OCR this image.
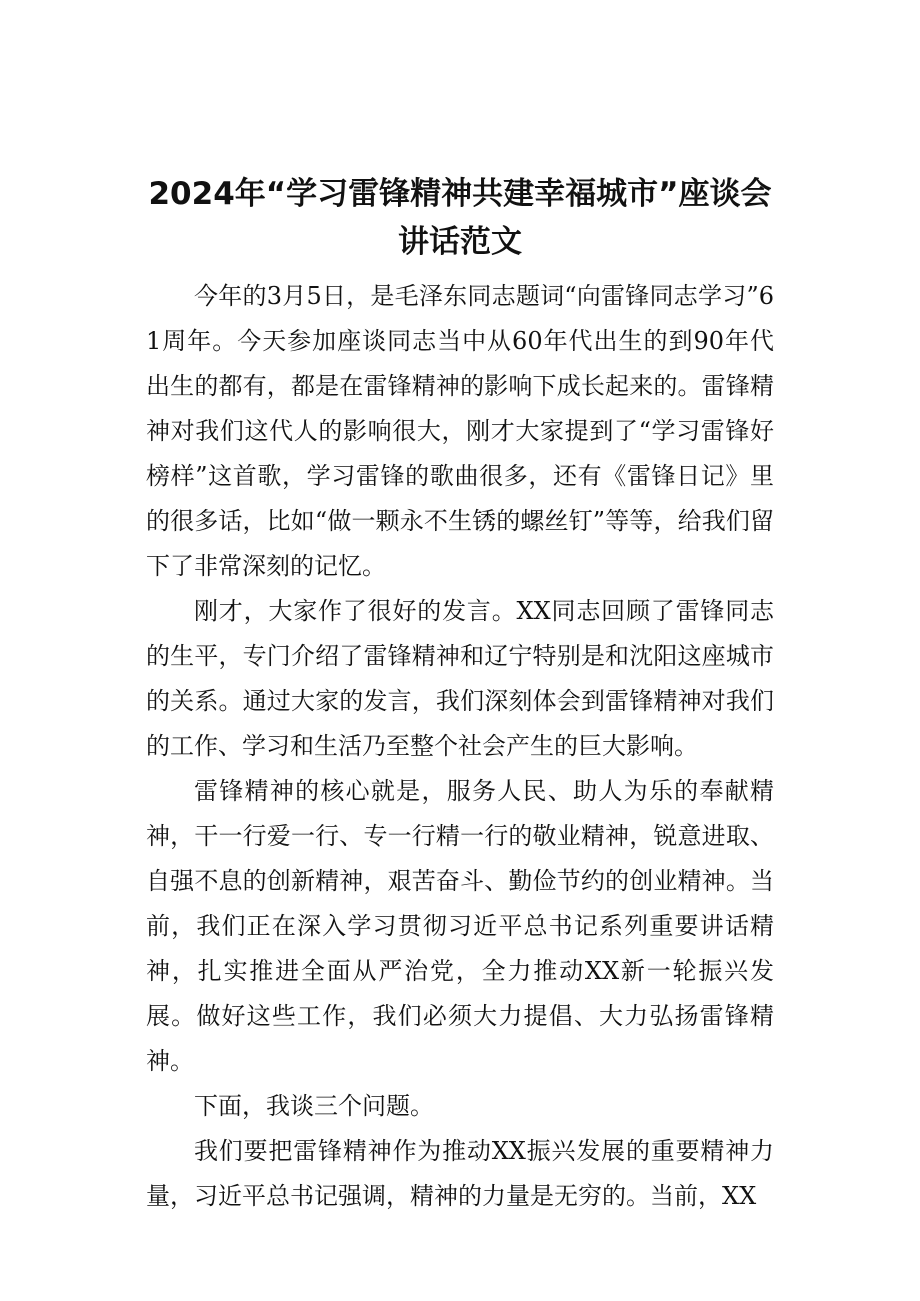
2024年“学习雷锋精神共建幸福城市”座谈会讲话范文

今年的3月5日，是毛泽东同志题词“向雷锋同志学习”61周年。今天参加座谈同志当中从60年代出生的到90年代出生的都有，都是在雷锋精神的影响下成长起来的。雷锋精神对我们这代人的影响很大，刚才大家提到了“学习雷锋好榜样”这首歌，学习雷锋的歌曲很多，还有《雷锋日记》里的很多话，比如“做一颗永不生锈的螺丝钉”等等，给我们留下了非常深刻的记忆。

刚才，大家作了很好的发言。XX同志回顾了雷锋同志的生平，专门介绍了雷锋精神和辽宁特别是和沈阳这座城市的关系。通过大家的发言，我们深刻体会到雷锋精神对我们的工作、学习和生活乃至整个社会产生的巨大影响。

雷锋精神的核心就是，服务人民、助人为乐的奉献精神，干一行爱一行、专一行精一行的敬业精神，锐意进取、自强不息的创新精神，艰苦奋斗、勤俭节约的创业精神。当前，我们正在深入学习贯彻习近平总书记系列重要讲话精神，扎实推进全面从严治党，全力推动XX新一轮振兴发展。做好这些工作，我们必须大力提倡、大力弘扬雷锋精神。

下面，我谈三个问题。

我们要把雷锋精神作为推动XX振兴发展的重要精神力量，习近平总书记强调，精神的力量是无穷的。当前，XX
